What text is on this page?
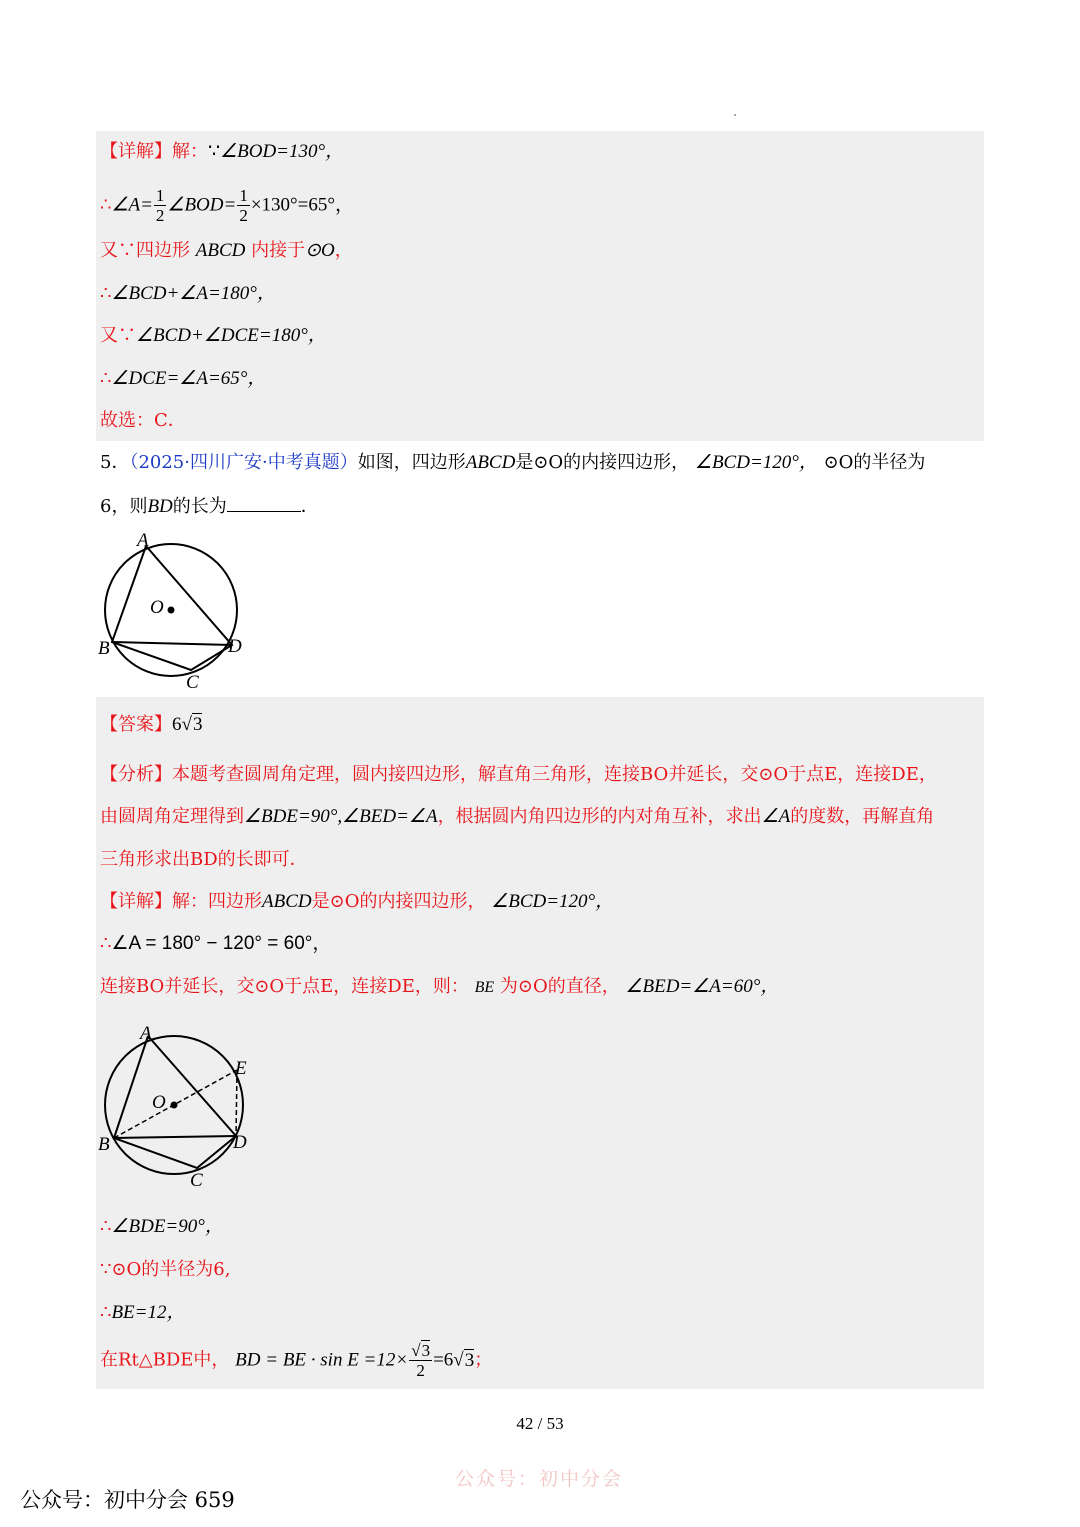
【详解】解：∵∠BOD=130°，
∴∠A= $\frac{1}{2}$ ∠BOD= $\frac{1}{2} \times 130^\circ=65^\circ$，
又∵四边形 ABCD 内接于⊙O，
∴∠BCD+∠A=180°，
又∵∠BCD+∠DCE=180°，
∴∠DCE=∠A=65°，
故选：C．
5．（2025·四川广安·中考真题）如图，四边形ABCD是⊙O的内接四边形， ∠BCD=120°， ⊙O的半径为
6，则BD的长为	．
A
O
B	D
C
【答案】6√3
【分析】本题考查圆周角定理，圆内接四边形，解直角三角形，连接BO并延长，交⊙O于点E，连接DE，
由圆周角定理得到∠BDE=90°,∠BED=∠A，根据圆内角四边形的内对角互补，求出∠A的度数，再解直角
三角形求出BD的长即可．
【详解】解：四边形ABCD是⊙O的内接四边形， ∠BCD=120°，
∴∠A = 180° − 120° = 60°，
连接BO并延长，交⊙O于点E，连接DE，则： BE 为⊙O的直径， ∠BED=∠A=60°，
A
E
O
B	D
C
∴∠BDE=90°，
∵⊙O的半径为6,
∴BE=12，
在Rt△BDE中， BD = BE · $\sin E =12\times \frac{√3}{2} =6√3$；
42 / 53
公众号：初中分会
公众号：初中分会 659
